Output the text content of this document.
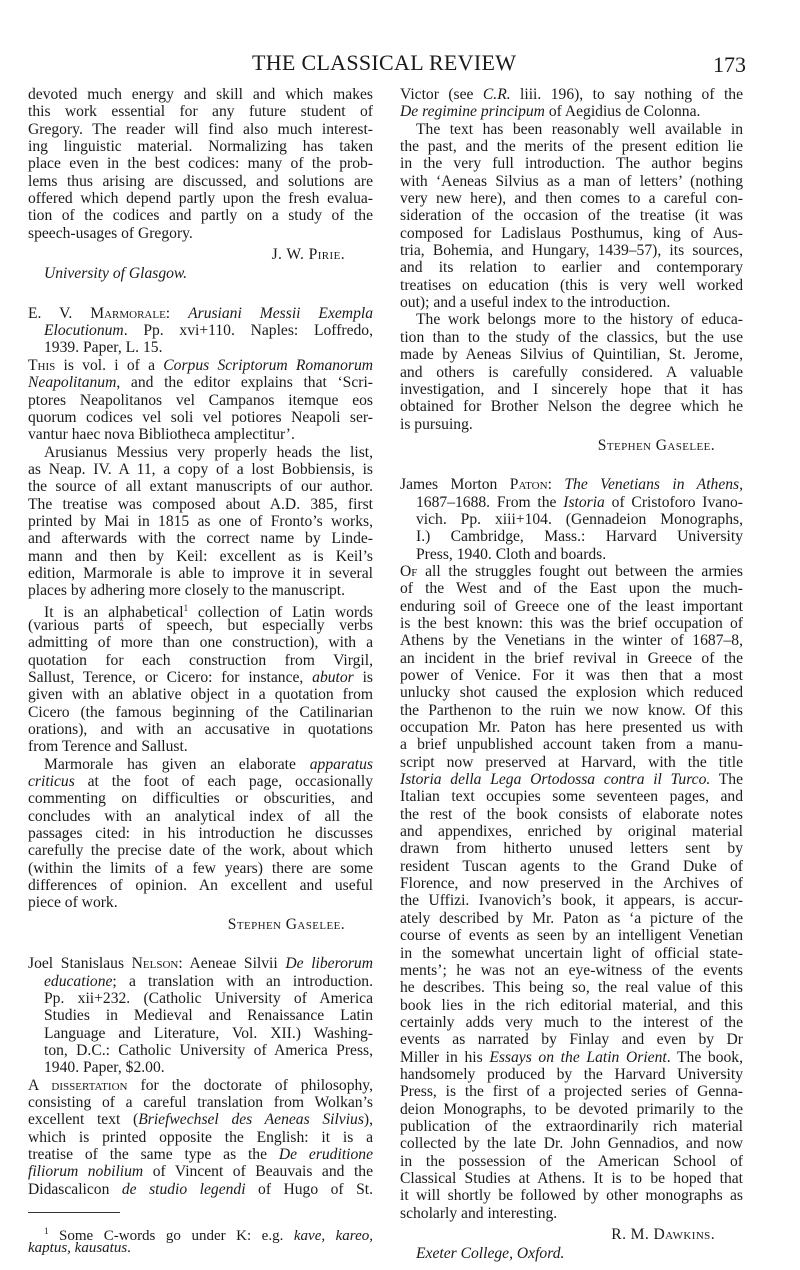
THE CLASSICAL REVIEW	173
devoted much energy and skill and which makes
this work essential for any future student of
Gregory. The reader will find also much interest-
ing linguistic material. Normalizing has taken
place even in the best codices: many of the prob-
lems thus arising are discussed, and solutions are
offered which depend partly upon the fresh evalua-
tion of the codices and partly on a study of the
speech-usages of Gregory.
J. W. Pirie.
University of Glasgow.
E. V. Marmorale: Arusiani Messii Exempla
Elocutionum. Pp. xvi+110. Naples: Loffredo,
1939. Paper, L. 15.
This is vol. i of a Corpus Scriptorum Romanorum
Neapolitanum, and the editor explains that ‘Scri-
ptores Neapolitanos vel Campanos itemque eos
quorum codices vel soli vel potiores Neapoli ser-
vantur haec nova Bibliotheca amplectitur’.
Arusianus Messius very properly heads the list,
as Neap. IV. A 11, a copy of a lost Bobbiensis, is
the source of all extant manuscripts of our author.
The treatise was composed about A.D. 385, first
printed by Mai in 1815 as one of Fronto’s works,
and afterwards with the correct name by Linde-
mann and then by Keil: excellent as is Keil’s
edition, Marmorale is able to improve it in several
places by adhering more closely to the manuscript.
It is an alphabetical$^1$ collection of Latin words
(various parts of speech, but especially verbs
admitting of more than one construction), with a
quotation for each construction from Virgil,
Sallust, Terence, or Cicero: for instance, abutor is
given with an ablative object in a quotation from
Cicero (the famous beginning of the Catilinarian
orations), and with an accusative in quotations
from Terence and Sallust.
Marmorale has given an elaborate apparatus
criticus at the foot of each page, occasionally
commenting on difficulties or obscurities, and
concludes with an analytical index of all the
passages cited: in his introduction he discusses
carefully the precise date of the work, about which
(within the limits of a few years) there are some
differences of opinion. An excellent and useful
piece of work.
Stephen Gaselee.
Joel Stanislaus Nelson: Aeneae Silvii De liberorum
educatione; a translation with an introduction.
Pp. xii+232. (Catholic University of America
Studies in Medieval and Renaissance Latin
Language and Literature, Vol. XII.) Washing-
ton, D.C.: Catholic University of America Press,
1940. Paper, $2.00.
A dissertation for the doctorate of philosophy,
consisting of a careful translation from Wolkan’s
excellent text (Briefwechsel des Aeneas Silvius),
which is printed opposite the English: it is a
treatise of the same type as the De eruditione
filiorum nobilium of Vincent of Beauvais and the
Didascalicon de studio legendi of Hugo of St.
$^1$ Some C-words go under K: e.g. kave, kareo,
kaptus, kausatus.
Victor (see C.R. liii. 196), to say nothing of the
De regimine principum of Aegidius de Colonna.
The text has been reasonably well available in
the past, and the merits of the present edition lie
in the very full introduction. The author begins
with ‘Aeneas Silvius as a man of letters’ (nothing
very new here), and then comes to a careful con-
sideration of the occasion of the treatise (it was
composed for Ladislaus Posthumus, king of Aus-
tria, Bohemia, and Hungary, 1439–57), its sources,
and its relation to earlier and contemporary
treatises on education (this is very well worked
out); and a useful index to the introduction.
The work belongs more to the history of educa-
tion than to the study of the classics, but the use
made by Aeneas Silvius of Quintilian, St. Jerome,
and others is carefully considered. A valuable
investigation, and I sincerely hope that it has
obtained for Brother Nelson the degree which he
is pursuing.
Stephen Gaselee.
James Morton Paton: The Venetians in Athens,
1687–1688. From the Istoria of Cristoforo Ivano-
vich. Pp. xiii+104. (Gennadeion Monographs,
I.) Cambridge, Mass.: Harvard University
Press, 1940. Cloth and boards.
Of all the struggles fought out between the armies
of the West and of the East upon the much-
enduring soil of Greece one of the least important
is the best known: this was the brief occupation of
Athens by the Venetians in the winter of 1687–8,
an incident in the brief revival in Greece of the
power of Venice. For it was then that a most
unlucky shot caused the explosion which reduced
the Parthenon to the ruin we now know. Of this
occupation Mr. Paton has here presented us with
a brief unpublished account taken from a manu-
script now preserved at Harvard, with the title
Istoria della Lega Ortodossa contra il Turco. The
Italian text occupies some seventeen pages, and
the rest of the book consists of elaborate notes
and appendixes, enriched by original material
drawn from hitherto unused letters sent by
resident Tuscan agents to the Grand Duke of
Florence, and now preserved in the Archives of
the Uffizi. Ivanovich’s book, it appears, is accur-
ately described by Mr. Paton as ‘a picture of the
course of events as seen by an intelligent Venetian
in the somewhat uncertain light of official state-
ments’; he was not an eye-witness of the events
he describes. This being so, the real value of this
book lies in the rich editorial material, and this
certainly adds very much to the interest of the
events as narrated by Finlay and even by Dr
Miller in his Essays on the Latin Orient. The book,
handsomely produced by the Harvard University
Press, is the first of a projected series of Genna-
deion Monographs, to be devoted primarily to the
publication of the extraordinarily rich material
collected by the late Dr. John Gennadios, and now
in the possession of the American School of
Classical Studies at Athens. It is to be hoped that
it will shortly be followed by other monographs as
scholarly and interesting.
R. M. Dawkins.
Exeter College, Oxford.
